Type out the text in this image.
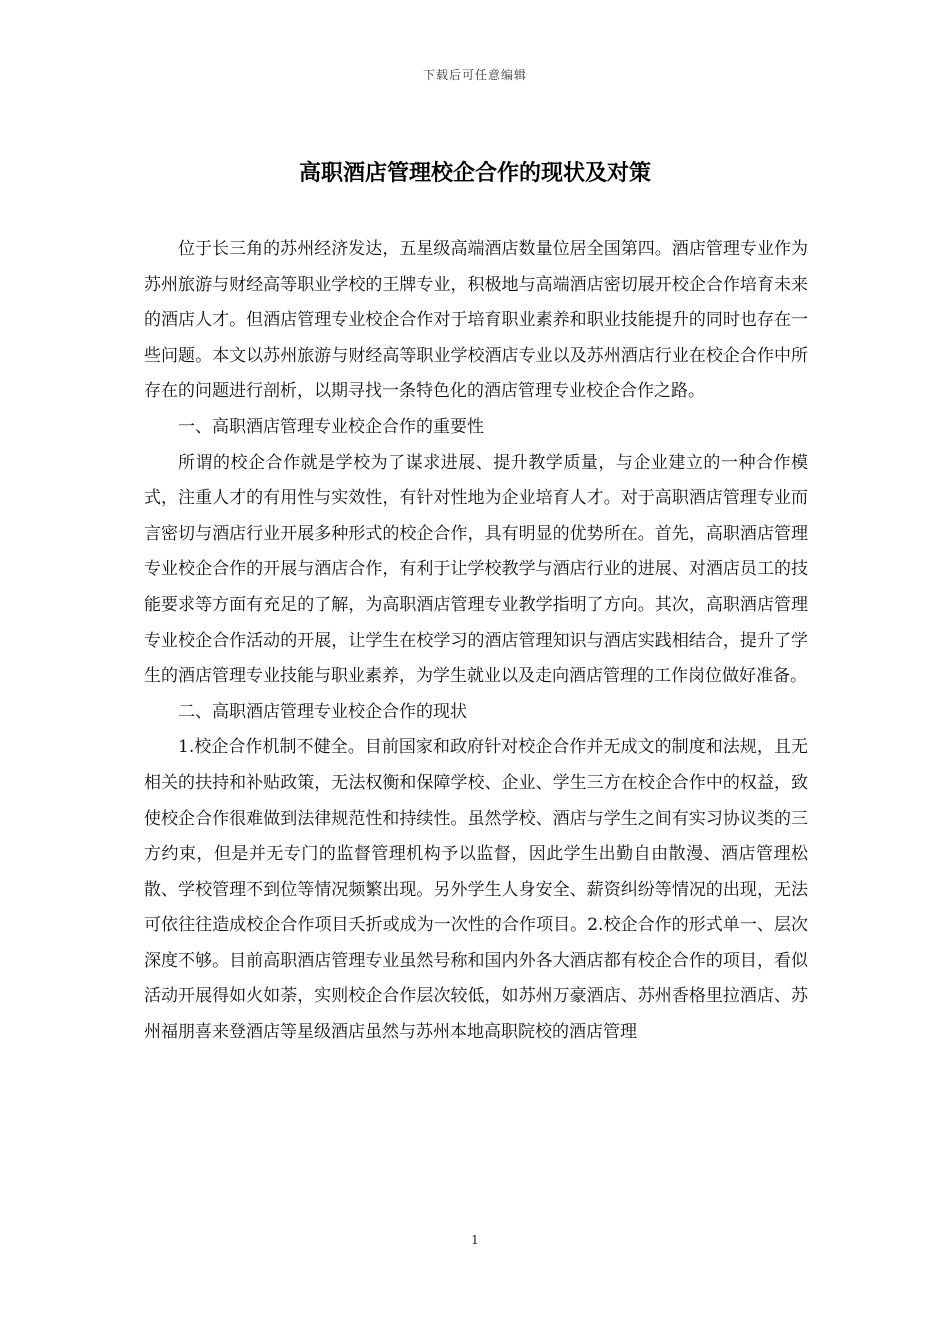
下载后可任意编辑
高职酒店管理校企合作的现状及对策

位于长三角的苏州经济发达，五星级高端酒店数量位居全国第四。酒店管理专业作为苏州旅游与财经高等职业学校的王牌专业，积极地与高端酒店密切展开校企合作培育未来的酒店人才。但酒店管理专业校企合作对于培育职业素养和职业技能提升的同时也存在一些问题。本文以苏州旅游与财经高等职业学校酒店专业以及苏州酒店行业在校企合作中所存在的问题进行剖析，以期寻找一条特色化的酒店管理专业校企合作之路。

一、高职酒店管理专业校企合作的重要性

所谓的校企合作就是学校为了谋求进展、提升教学质量，与企业建立的一种合作模式，注重人才的有用性与实效性，有针对性地为企业培育人才。对于高职酒店管理专业而言密切与酒店行业开展多种形式的校企合作，具有明显的优势所在。首先，高职酒店管理专业校企合作的开展与酒店合作，有利于让学校教学与酒店行业的进展、对酒店员工的技能要求等方面有充足的了解，为高职酒店管理专业教学指明了方向。其次，高职酒店管理专业校企合作活动的开展，让学生在校学习的酒店管理知识与酒店实践相结合，提升了学生的酒店管理专业技能与职业素养，为学生就业以及走向酒店管理的工作岗位做好准备。

二、高职酒店管理专业校企合作的现状

1.校企合作机制不健全。目前国家和政府针对校企合作并无成文的制度和法规，且无相关的扶持和补贴政策，无法权衡和保障学校、企业、学生三方在校企合作中的权益，致使校企合作很难做到法律规范性和持续性。虽然学校、酒店与学生之间有实习协议类的三方约束，但是并无专门的监督管理机构予以监督，因此学生出勤自由散漫、酒店管理松散、学校管理不到位等情况频繁出现。另外学生人身安全、薪资纠纷等情况的出现，无法可依往往造成校企合作项目夭折或成为一次性的合作项目。2.校企合作的形式单一、层次深度不够。目前高职酒店管理专业虽然号称和国内外各大酒店都有校企合作的项目，看似活动开展得如火如荼，实则校企合作层次较低，如苏州万豪酒店、苏州香格里拉酒店、苏州福朋喜来登酒店等星级酒店虽然与苏州本地高职院校的酒店管理

1
